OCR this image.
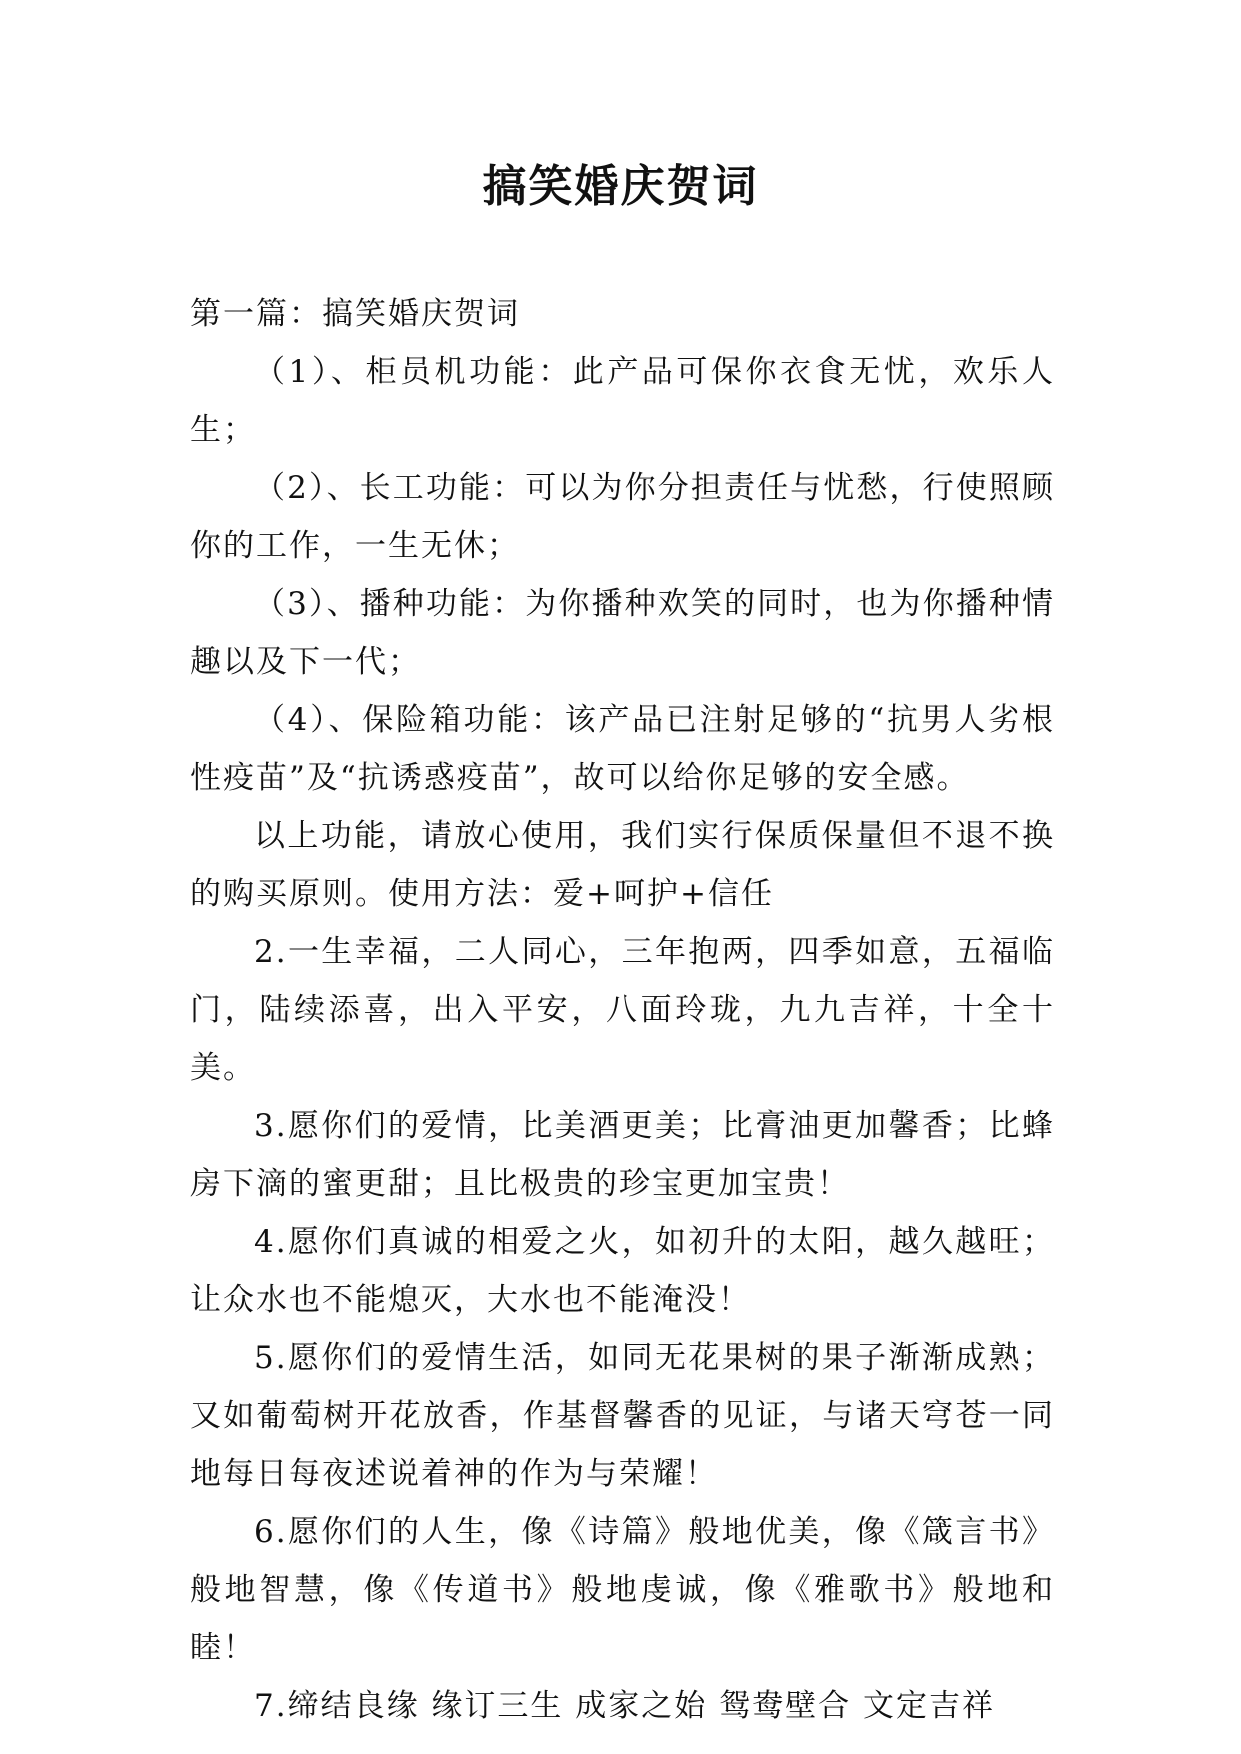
搞笑婚庆贺词

第一篇：搞笑婚庆贺词

（1）、柜员机功能：此产品可保你衣食无忧，欢乐人生；

（2）、长工功能：可以为你分担责任与忧愁，行使照顾你的工作，一生无休；

（3）、播种功能：为你播种欢笑的同时，也为你播种情趣以及下一代；

（4）、保险箱功能：该产品已注射足够的“抗男人劣根性疫苗”及“抗诱惑疫苗”，故可以给你足够的安全感。

以上功能，请放心使用，我们实行保质保量但不退不换的购买原则。使用方法：爱+呵护+信任

2.一生幸福，二人同心，三年抱两，四季如意，五福临门，陆续添喜，出入平安，八面玲珑，九九吉祥，十全十美。

3.愿你们的爱情，比美酒更美；比膏油更加馨香；比蜂房下滴的蜜更甜；且比极贵的珍宝更加宝贵！

4.愿你们真诚的相爱之火，如初升的太阳，越久越旺；让众水也不能熄灭，大水也不能淹没！

5.愿你们的爱情生活，如同无花果树的果子渐渐成熟；又如葡萄树开花放香，作基督馨香的见证，与诸天穹苍一同地每日每夜述说着神的作为与荣耀！

6.愿你们的人生，像《诗篇》般地优美，像《箴言书》般地智慧，像《传道书》般地虔诚，像《雅歌书》般地和睦！

7.缔结良缘 缘订三生 成家之始 鸳鸯壁合 文定吉祥
